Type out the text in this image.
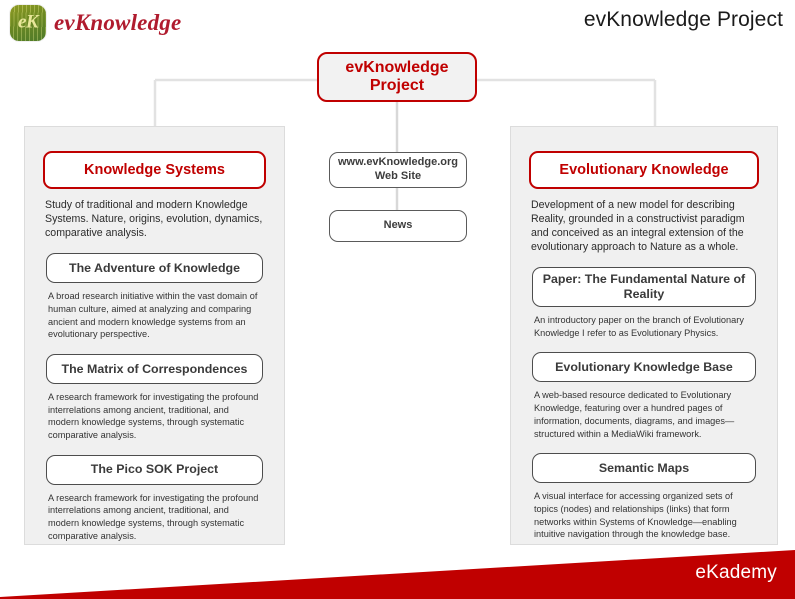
eK evKnowledge	evKnowledge Project
evKnowledge
Project
www.evKnowledge.org
Web Site
News
Knowledge Systems
Study of traditional and modern Knowledge Systems. Nature, origins, evolution, dynamics, comparative analysis.
The Adventure of Knowledge
A broad research initiative within the vast domain of human culture, aimed at analyzing and comparing ancient and modern knowledge systems from an evolutionary perspective.
The Matrix of Correspondences
A research framework for investigating the profound interrelations among ancient, traditional, and modern knowledge systems, through systematic comparative analysis.
The Pico SOK Project
A research framework for investigating the profound interrelations among ancient, traditional, and modern knowledge systems, through systematic comparative analysis.
Evolutionary Knowledge
Development of a new model for describing Reality, grounded in a constructivist paradigm and conceived as an integral extension of the evolutionary approach to Nature as a whole.
Paper: The Fundamental Nature of Reality
An introductory paper on the branch of Evolutionary Knowledge I refer to as Evolutionary Physics.
Evolutionary Knowledge Base
A web-based resource dedicated to Evolutionary Knowledge, featuring over a hundred pages of information, documents, diagrams, and images—structured within a MediaWiki framework.
Semantic Maps
A visual interface for accessing organized sets of topics (nodes) and relationships (links) that form networks within Systems of Knowledge—enabling intuitive navigation through the knowledge base.
eKademy
